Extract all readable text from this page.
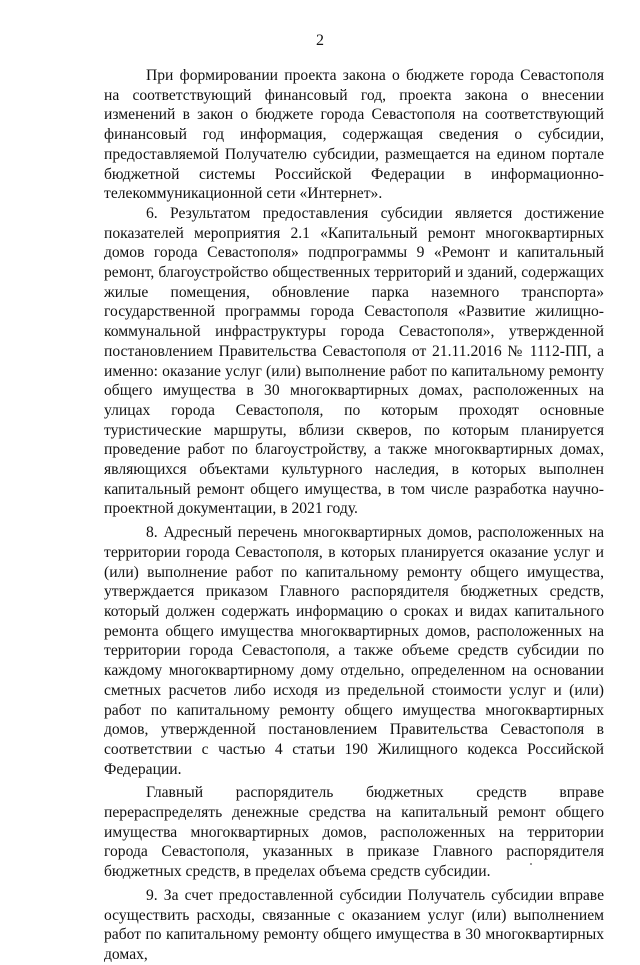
2

При формировании проекта закона о бюджете города Севастополя на соответствующий финансовый год, проекта закона о внесении изменений в закон о бюджете города Севастополя на соответствующий финансовый год информация, содержащая сведения о субсидии, предоставляемой Получателю субсидии, размещается на едином портале бюджетной системы Российской Федерации в информационно-телекоммуникационной сети «Интернет».

6. Результатом предоставления субсидии является достижение показателей мероприятия 2.1 «Капитальный ремонт многоквартирных домов города Севастополя» подпрограммы 9 «Ремонт и капитальный ремонт, благоустройство общественных территорий и зданий, содержащих жилые помещения, обновление парка наземного транспорта» государственной программы города Севастополя «Развитие жилищно-коммунальной инфраструктуры города Севастополя», утвержденной постановлением Правительства Севастополя от 21.11.2016 № 1112-ПП, а именно: оказание услуг (или) выполнение работ по капитальному ремонту общего имущества в 30 многоквартирных домах, расположенных на улицах города Севастополя, по которым проходят основные туристические маршруты, вблизи скверов, по которым планируется проведение работ по благоустройству, а также многоквартирных домах, являющихся объектами культурного наследия, в которых выполнен капитальный ремонт общего имущества, в том числе разработка научно-проектной документации, в 2021 году.

8. Адресный перечень многоквартирных домов, расположенных на территории города Севастополя, в которых планируется оказание услуг и (или) выполнение работ по капитальному ремонту общего имущества, утверждается приказом Главного распорядителя бюджетных средств, который должен содержать информацию о сроках и видах капитального ремонта общего имущества многоквартирных домов, расположенных на территории города Севастополя, а также объеме средств субсидии по каждому многоквартирному дому отдельно, определенном на основании сметных расчетов либо исходя из предельной стоимости услуг и (или) работ по капитальному ремонту общего имущества многоквартирных домов, утвержденной постановлением Правительства Севастополя в соответствии с частью 4 статьи 190 Жилищного кодекса Российской Федерации.

Главный распорядитель бюджетных средств вправе перераспределять денежные средства на капитальный ремонт общего имущества многоквартирных домов, расположенных на территории города Севастополя, указанных в приказе Главного распорядителя бюджетных средств, в пределах объема средств субсидии.

9. За счет предоставленной субсидии Получатель субсидии вправе осуществить расходы, связанные с оказанием услуг (или) выполнением работ по капитальному ремонту общего имущества в 30 многоквартирных домах,
